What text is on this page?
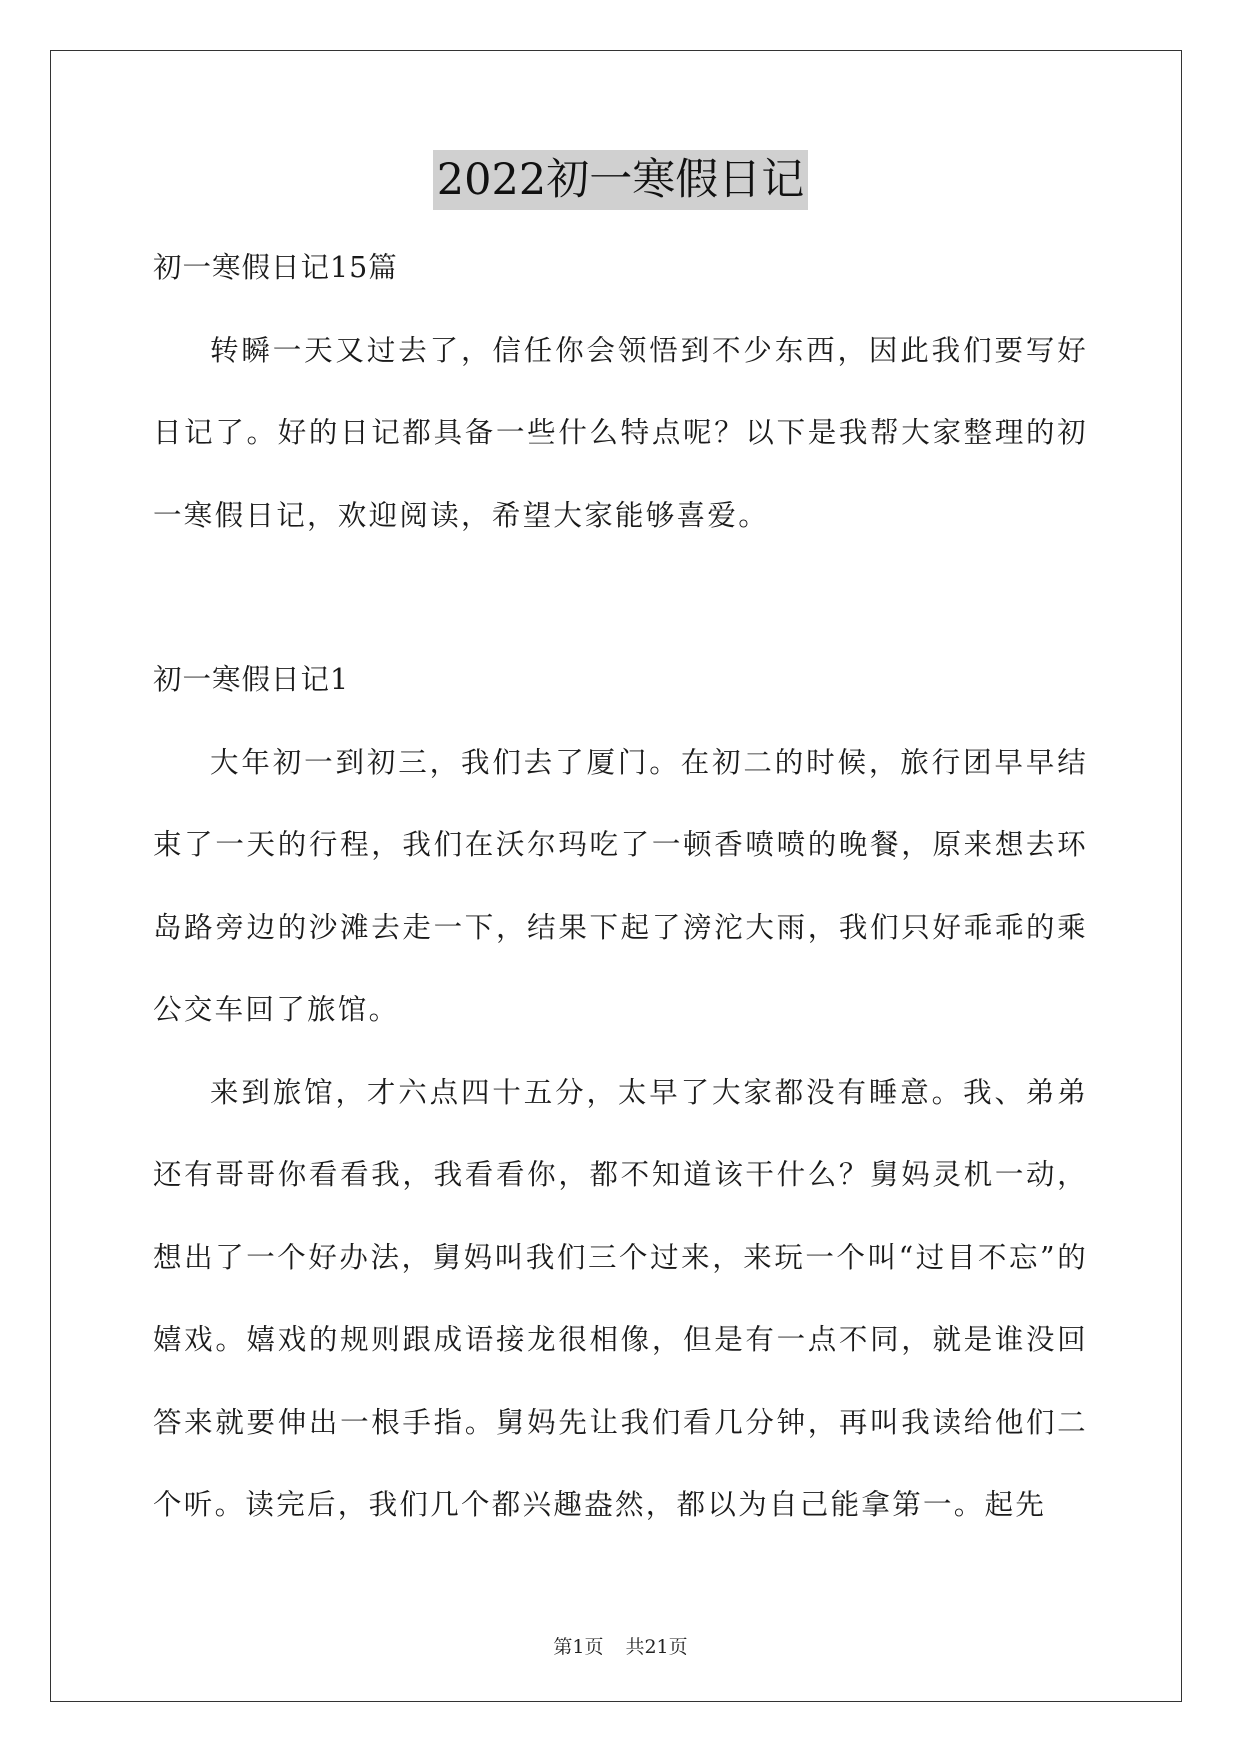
2022初一寒假日记

初一寒假日记15篇

转瞬一天又过去了，信任你会领悟到不少东西，因此我们要写好日记了。好的日记都具备一些什么特点呢？以下是我帮大家整理的初一寒假日记，欢迎阅读，希望大家能够喜爱。

初一寒假日记1

大年初一到初三，我们去了厦门。在初二的时候，旅行团早早结束了一天的行程，我们在沃尔玛吃了一顿香喷喷的晚餐，原来想去环岛路旁边的沙滩去走一下，结果下起了滂沱大雨，我们只好乖乖的乘公交车回了旅馆。

来到旅馆，才六点四十五分，太早了大家都没有睡意。我、弟弟还有哥哥你看看我，我看看你，都不知道该干什么？舅妈灵机一动，想出了一个好办法，舅妈叫我们三个过来，来玩一个叫“过目不忘”的嬉戏。嬉戏的规则跟成语接龙很相像，但是有一点不同，就是谁没回答来就要伸出一根手指。舅妈先让我们看几分钟，再叫我读给他们二个听。读完后，我们几个都兴趣盎然，都以为自己能拿第一。起先

第1页 共21页
